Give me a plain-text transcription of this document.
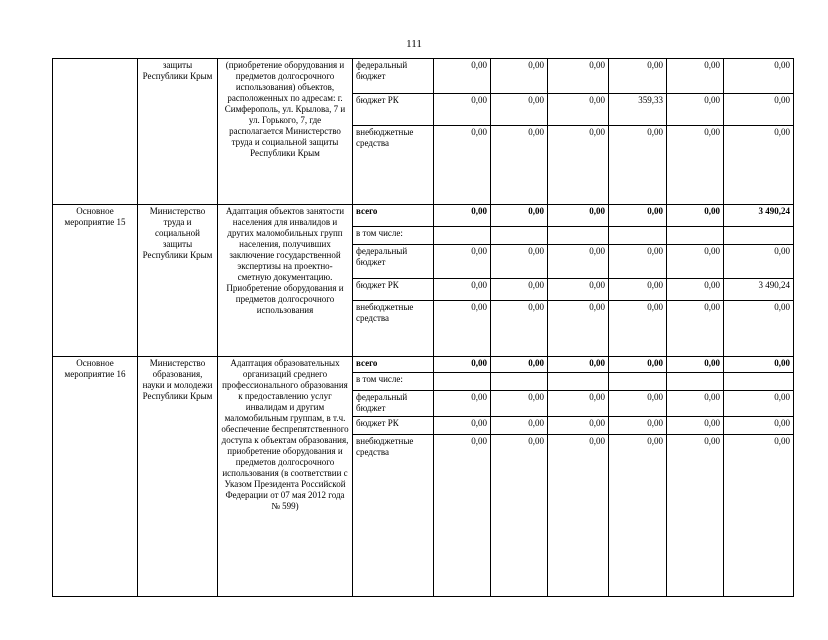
111
	защиты Республики Крым	(приобретение оборудования и предметов долгосрочного использования) объектов, расположенных по адресам: г. Симферополь, ул. Крылова, 7 и ул. Горького, 7, где располагается Министерство труда и социальной защиты Республики Крым	федеральный бюджет	0,00	0,00	0,00	0,00	0,00	0,00
			бюджет РК	0,00	0,00	0,00	359,33	0,00	0,00
			внебюджетные средства	0,00	0,00	0,00	0,00	0,00	0,00
Основное мероприятие 15	Министерство труда и социальной защиты Республики Крым	Адаптация объектов занятости населения для инвалидов и других маломобильных групп населения, получивших заключение государственной экспертизы на проектно-сметную документацию. Приобретение оборудования и предметов долгосрочного использования	всего	0,00	0,00	0,00	0,00	0,00	3 490,24
			в том числе:						
			федеральный бюджет	0,00	0,00	0,00	0,00	0,00	0,00
			бюджет РК	0,00	0,00	0,00	0,00	0,00	3 490,24
			внебюджетные средства	0,00	0,00	0,00	0,00	0,00	0,00
Основное мероприятие 16	Министерство образования, науки и молодежи Республики Крым	Адаптация образовательных организаций среднего профессионального образования к предоставлению услуг инвалидам и другим маломобильным группам, в т.ч. обеспечение беспрепятственного доступа к объектам образования, приобретение оборудования и предметов долгосрочного использования (в соответствии с Указом Президента Российской Федерации от 07 мая 2012 года № 599)	всего	0,00	0,00	0,00	0,00	0,00	0,00
			в том числе:						
			федеральный бюджет	0,00	0,00	0,00	0,00	0,00	0,00
			бюджет РК	0,00	0,00	0,00	0,00	0,00	0,00
			внебюджетные средства	0,00	0,00	0,00	0,00	0,00	0,00
